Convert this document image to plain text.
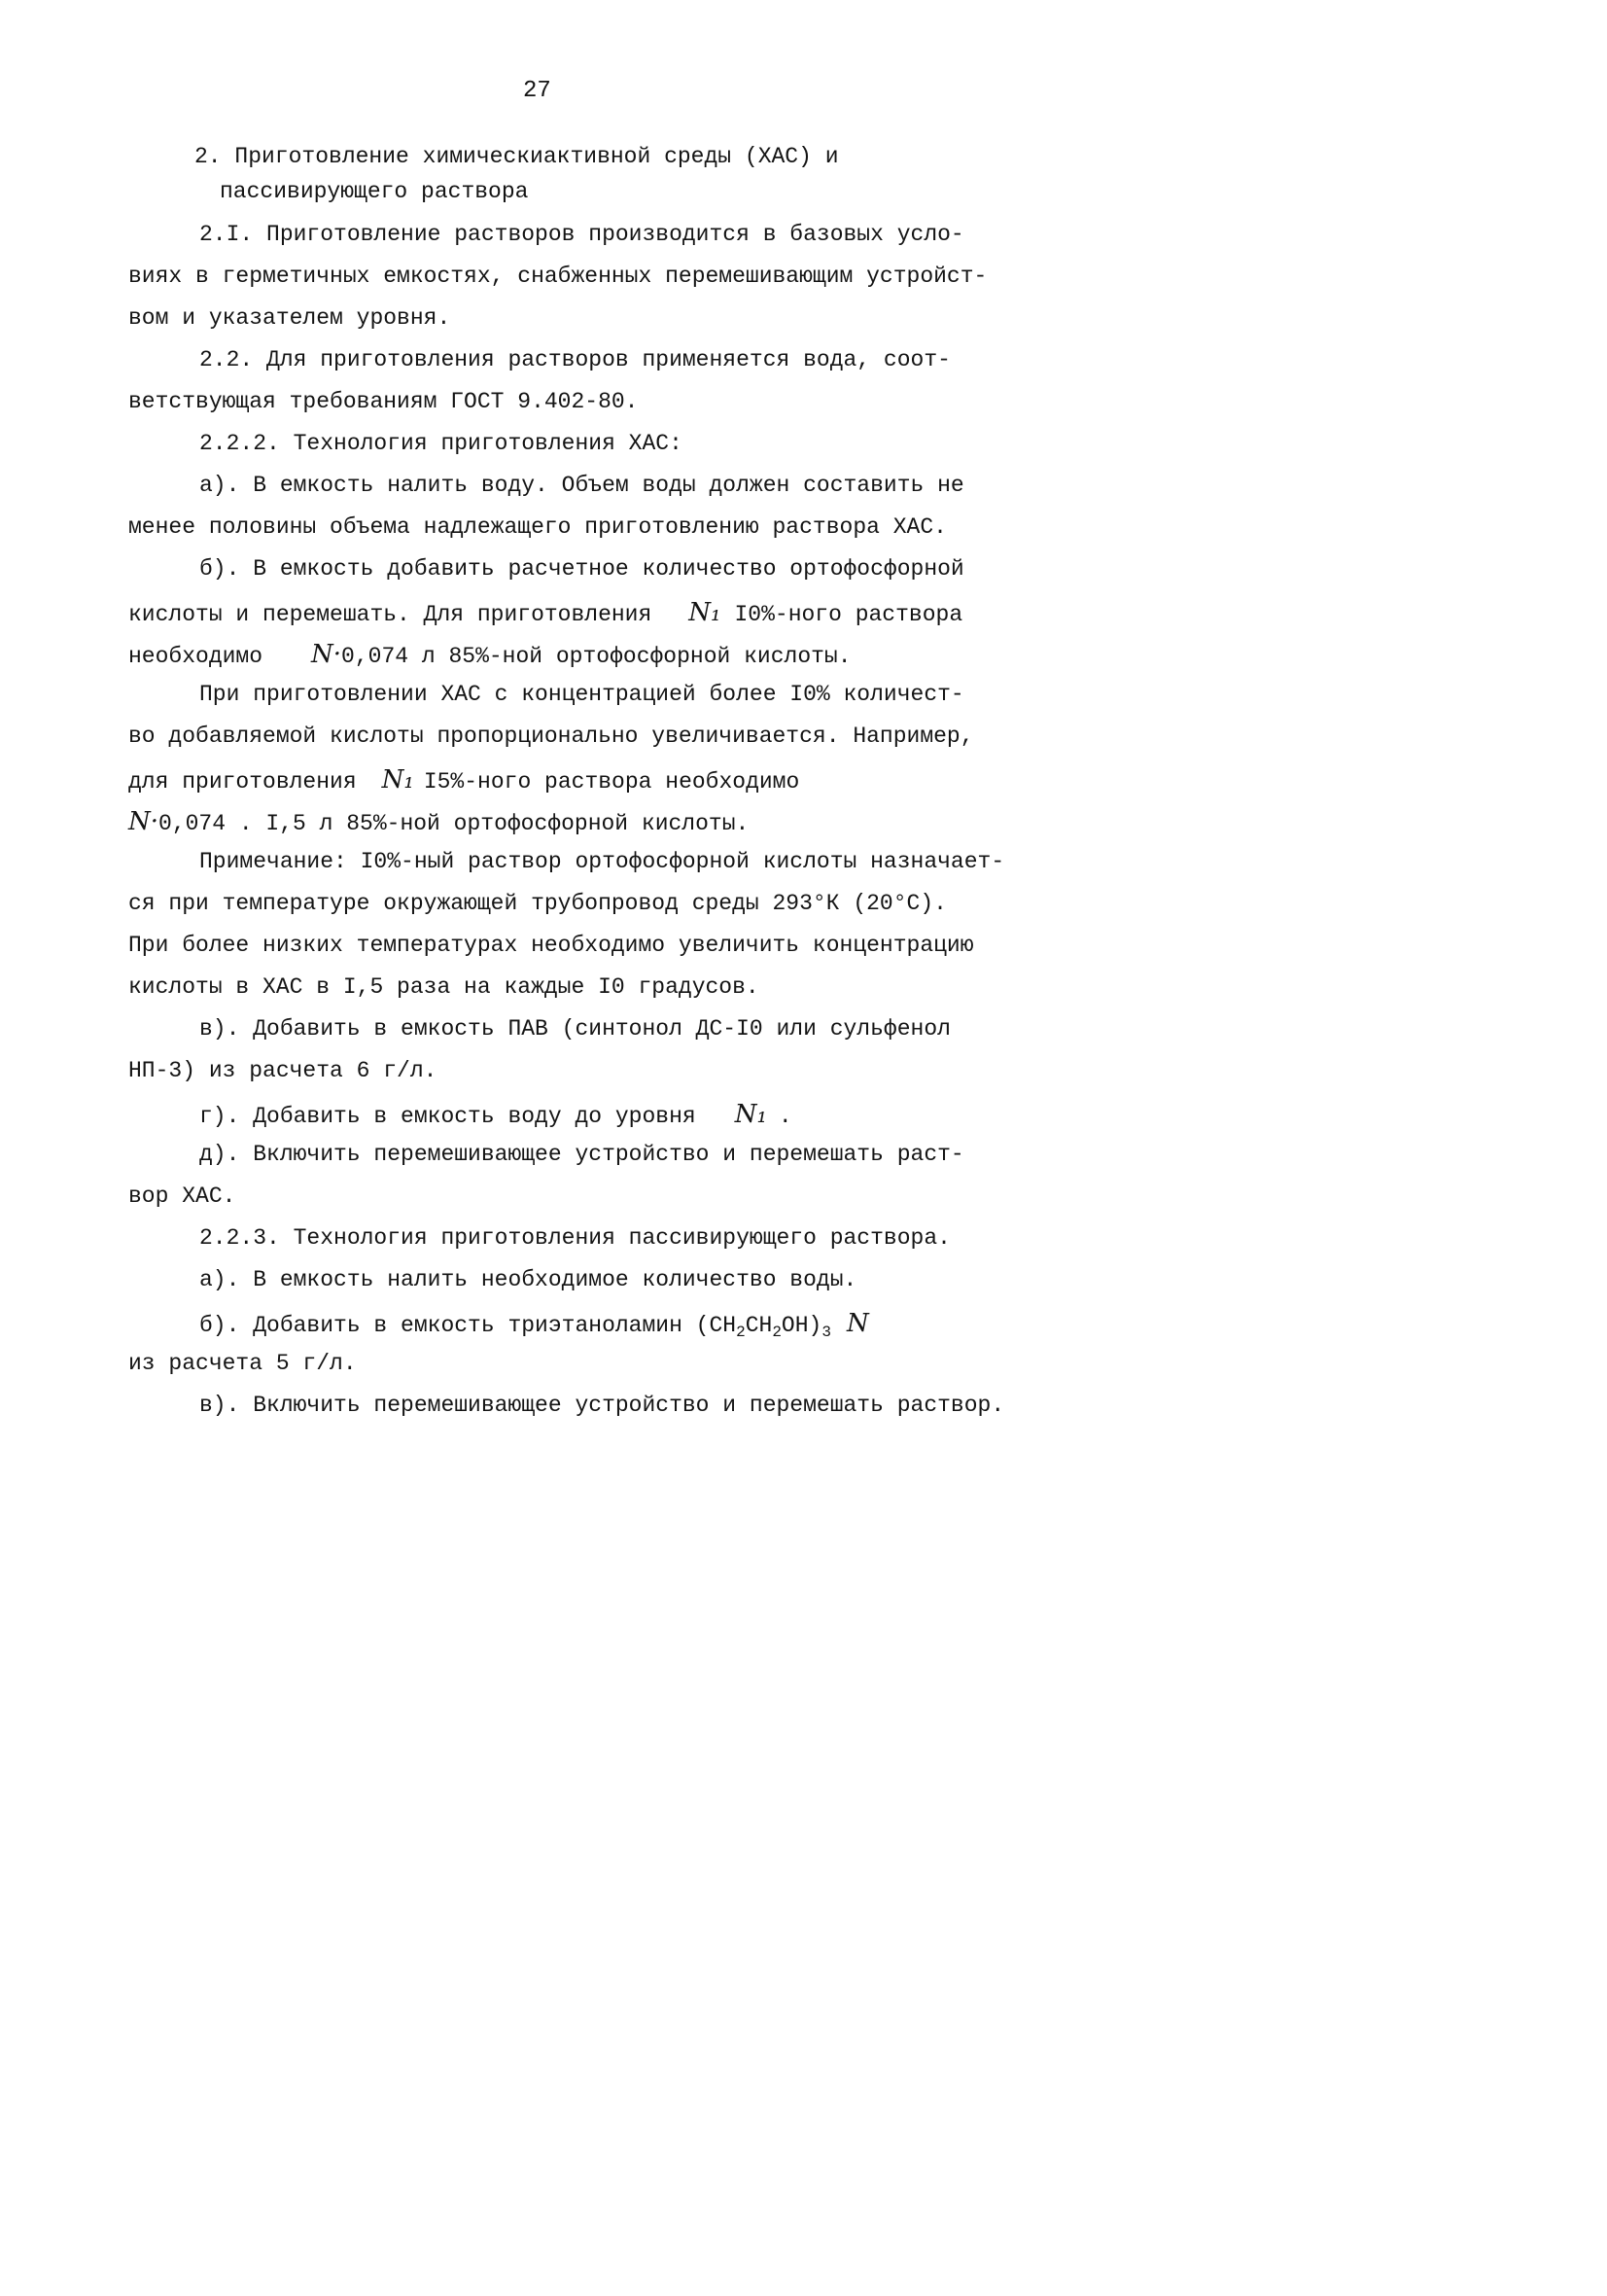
27
2. Приготовление химическиактивной среды (ХАС) и
пассивирующего раствора
2.I. Приготовление растворов производится в базовых усло-
виях в герметичных емкостях, снабженных перемешивающим устройст-
вом и указателем уровня.
2.2. Для приготовления растворов применяется вода, соот-
ветствующая требованиям ГОСТ 9.402-80.
2.2.2. Технология приготовления ХАС:
а). В емкость налить воду. Объем воды должен составить не
менее половины объема надлежащего приготовлению раствора ХАС.
б). В емкость добавить расчетное количество ортофосфорной
кислоты и перемешать. Для приготовления N₁ I0%-ного раствора
необходимо N·0,074 л 85%-ной ортофосфорной кислоты.
При приготовлении ХАС с концентрацией более I0% количест-
во добавляемой кислоты пропорционально увеличивается. Например,
для приготовления N₁ I5%-ного раствора необходимо
N·0,074 . I,5 л 85%-ной ортофосфорной кислоты.
Примечание: I0%-ный раствор ортофосфорной кислоты назначает-
ся при температуре окружающей трубопровод среды 293°К (20°С).
При более низких температурах необходимо увеличить концентрацию
кислоты в ХАС в I,5 раза на каждые I0 градусов.
в). Добавить в емкость ПАВ (синтонол ДС-I0 или сульфенол
НП-3) из расчета 6 г/л.
г). Добавить в емкость воду до уровня N₁ .
д). Включить перемешивающее устройство и перемешать раст-
вор ХАС.
2.2.3. Технология приготовления пассивирующего раствора.
а). В емкость налить необходимое количество воды.
б). Добавить в емкость триэтаноламин $(CH_2CH_2OH)_3$ N
из расчета 5 г/л.
в). Включить перемешивающее устройство и перемешать раствор.
